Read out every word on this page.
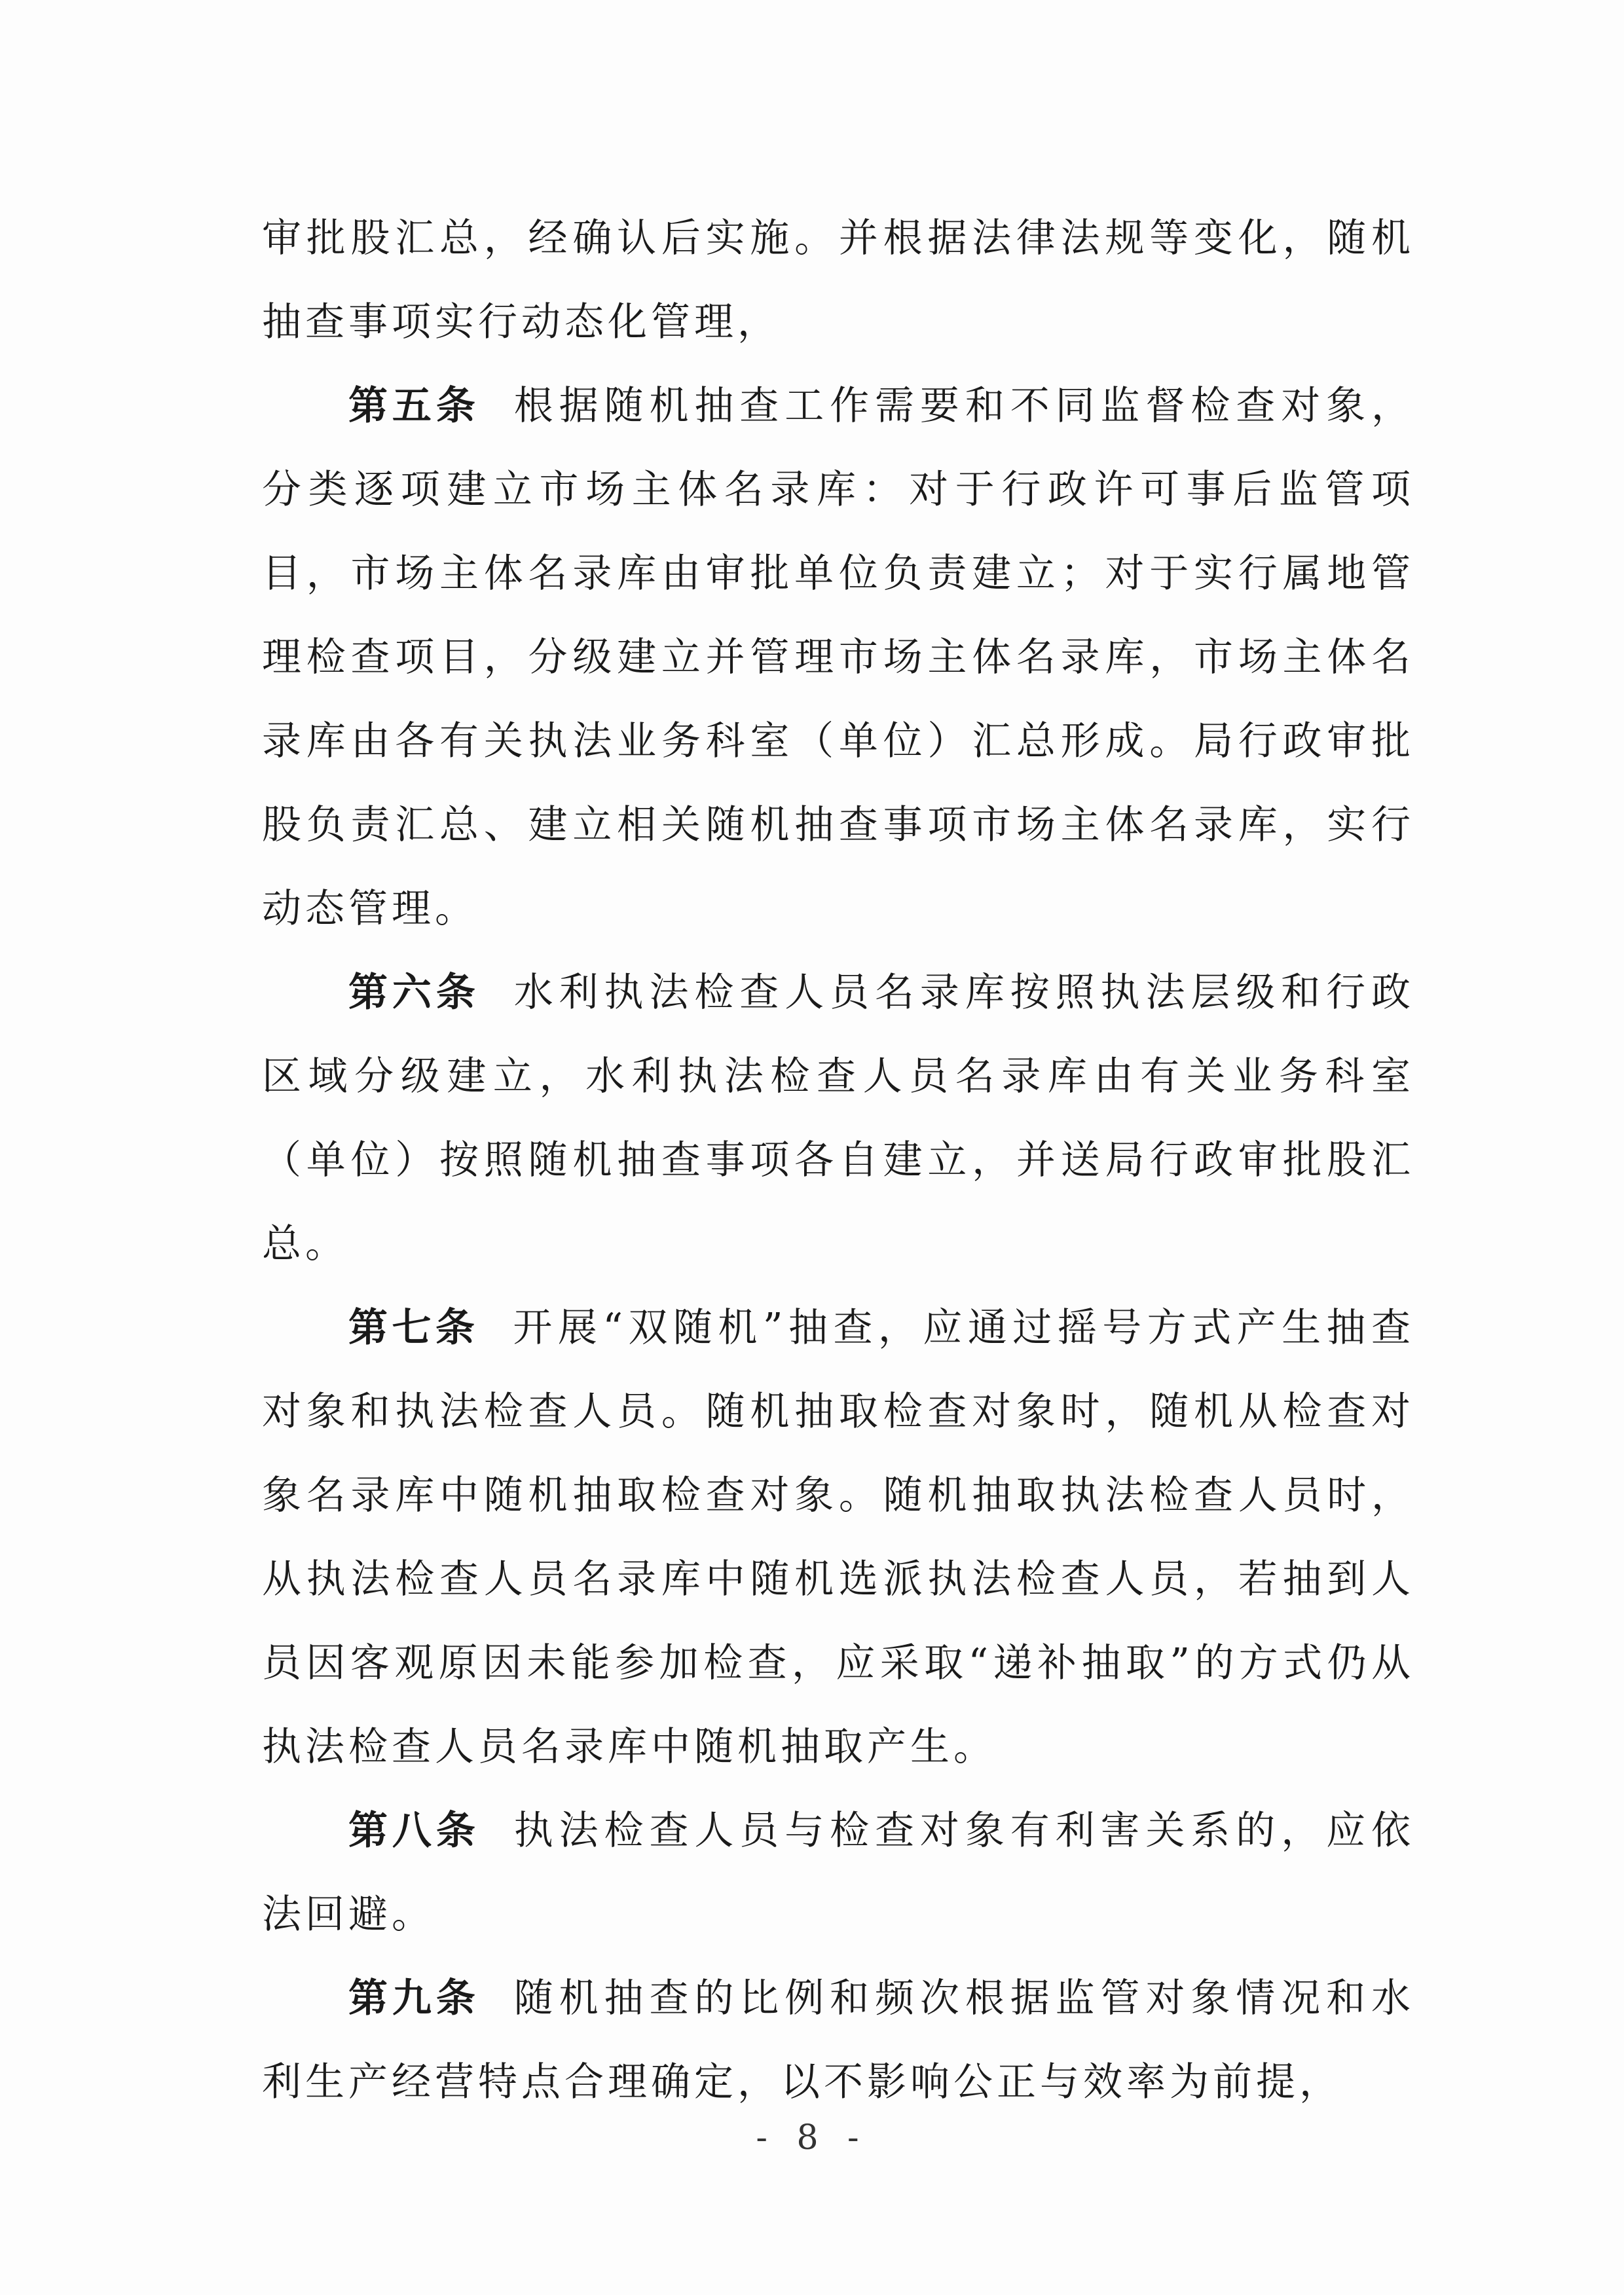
审批股汇总，经确认后实施。并根据法律法规等变化，随机抽查事项实行动态化管理，

第五条 根据随机抽查工作需要和不同监督检查对象，分类逐项建立市场主体名录库：对于行政许可事后监管项目，市场主体名录库由审批单位负责建立；对于实行属地管理检查项目，分级建立并管理市场主体名录库，市场主体名录库由各有关执法业务科室（单位）汇总形成。局行政审批股负责汇总、建立相关随机抽查事项市场主体名录库，实行动态管理。

第六条 水利执法检查人员名录库按照执法层级和行政区域分级建立，水利执法检查人员名录库由有关业务科室（单位）按照随机抽查事项各自建立，并送局行政审批股汇总。

第七条 开展“双随机”抽查，应通过摇号方式产生抽查对象和执法检查人员。随机抽取检查对象时，随机从检查对象名录库中随机抽取检查对象。随机抽取执法检查人员时，从执法检查人员名录库中随机选派执法检查人员，若抽到人员因客观原因未能参加检查，应采取“递补抽取”的方式仍从执法检查人员名录库中随机抽取产生。

第八条 执法检查人员与检查对象有利害关系的，应依法回避。

第九条 随机抽查的比例和频次根据监管对象情况和水利生产经营特点合理确定，以不影响公正与效率为前提，

- 8 -
